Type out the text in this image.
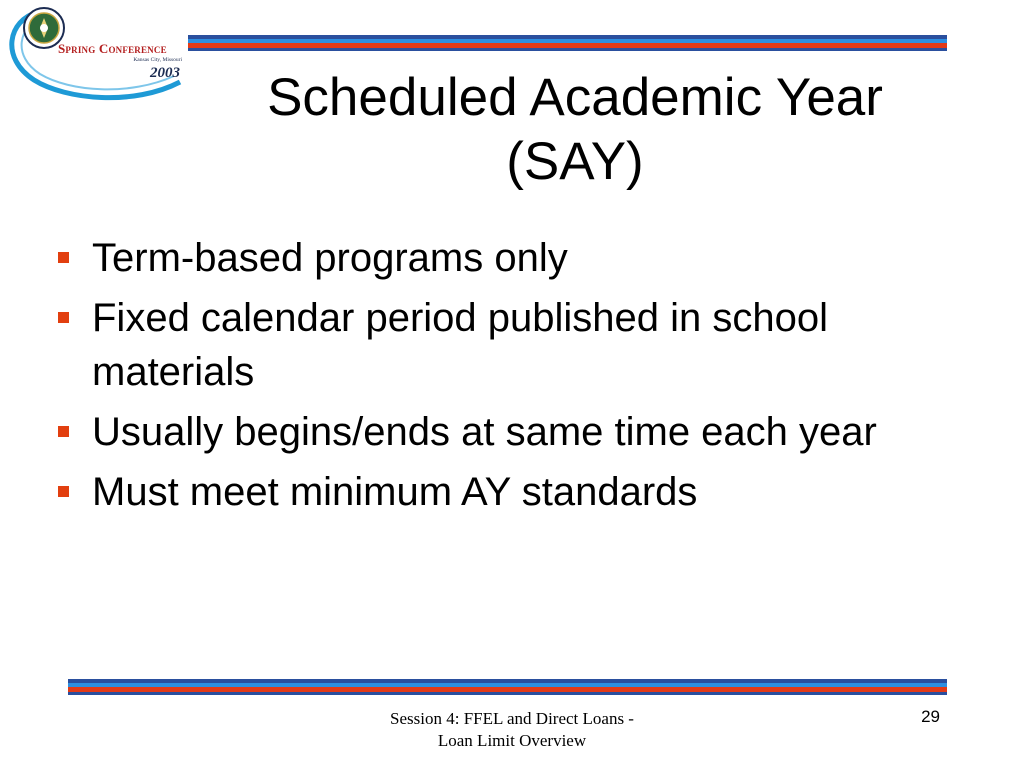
Spring Conference
Kansas City, Missouri
2003	Scheduled Academic Year
(SAY)
Term-based programs only
Fixed calendar period published in school materials
Usually begins/ends at same time each year
Must meet minimum AY standards
Session 4: FFEL and Direct Loans -
Loan Limit Overview
29
